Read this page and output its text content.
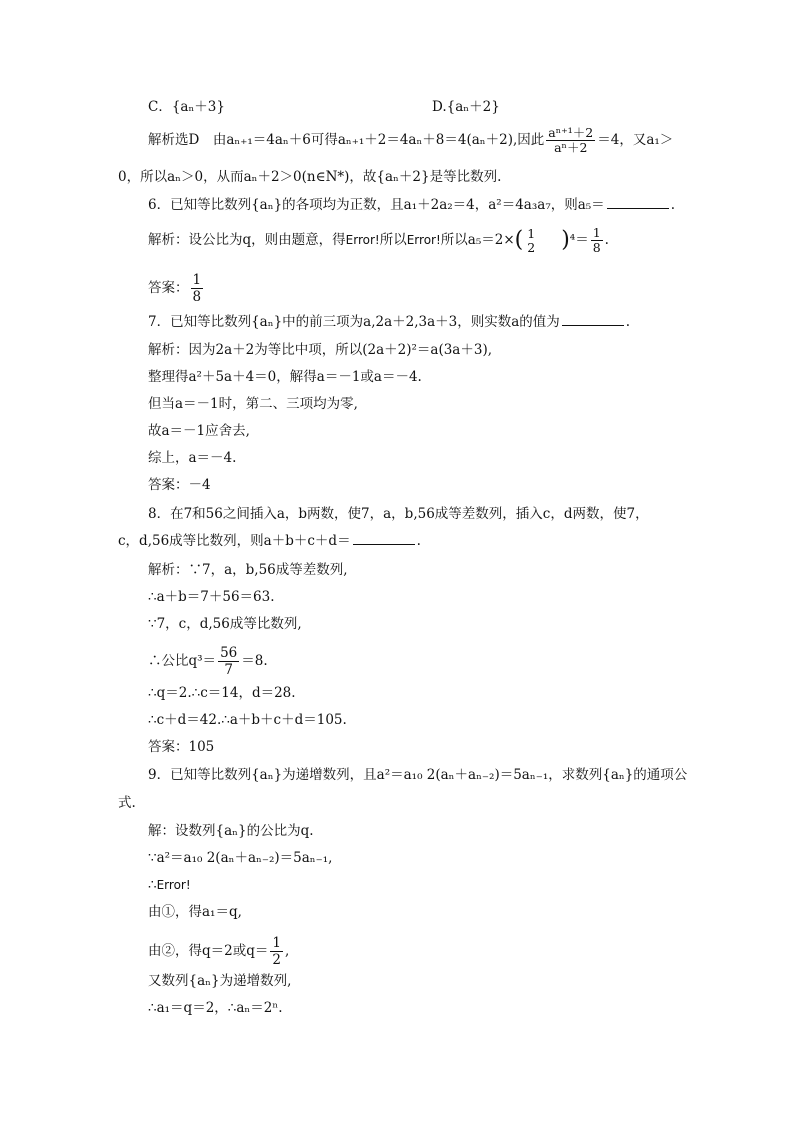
C．{aₙ＋3}	D.{aₙ＋2}
解析选D　由aₙ₊₁＝4aₙ＋6可得aₙ₊₁＋2＝4aₙ＋8＝4(aₙ＋2),因此 $\frac{\text{aⁿ⁺¹＋2}}{\text{aⁿ＋2}} =4$，又a₁＞
0，所以aₙ＞0，从而aₙ＋2＞0(n∈N*)，故{aₙ＋2}是等比数列.
6．已知等比数列{aₙ}的各项均为正数，且a₁＋2a₂＝4，a²＝4a₃a₇，则a₅＝	.
解析：设公比为q，则由题意，得Error!所以Error!所以a₅＝2×( 1
2 )$^4= \frac{1}{8}$ .
答案： $\frac{1}{8}$
7．已知等比数列{aₙ}中的前三项为a,2a＋2,3a＋3，则实数a的值为	.
解析：因为2a＋2为等比中项，所以(2a＋2)²＝a(3a＋3),
整理得a²＋5a＋4＝0，解得a＝－1或a＝－4.
但当a＝－1时，第二、三项均为零,
故a＝－1应舍去,
综上，a＝－4.
答案：－4
8．在7和56之间插入a，b两数，使7，a，b,56成等差数列，插入c，d两数，使7，
c，d,56成等比数列，则a＋b＋c＋d＝	.
解析：∵7，a，b,56成等差数列,
∴a＋b＝7＋56＝63.
∵7，c，d,56成等比数列,
∴公比$q^3= \frac{56}{7} =8$.
∴q＝2.∴c＝14，d＝28.
∴c＋d＝42.∴a＋b＋c＋d＝105.
答案：105
9．已知等比数列{aₙ}为递增数列，且a²＝a₁₀ 2(aₙ＋aₙ₋₂)＝5aₙ₋₁，求数列{aₙ}的通项公
式.
解：设数列{aₙ}的公比为q.
∵a²＝a₁₀ 2(aₙ＋aₙ₋₂)＝5aₙ₋₁,
∴Error!
由①，得a₁＝q,
由②，得q＝2或$q= \frac{1}{2}$ ,
又数列{aₙ}为递增数列,
∴a₁＝q＝2，∴aₙ＝2ⁿ.
